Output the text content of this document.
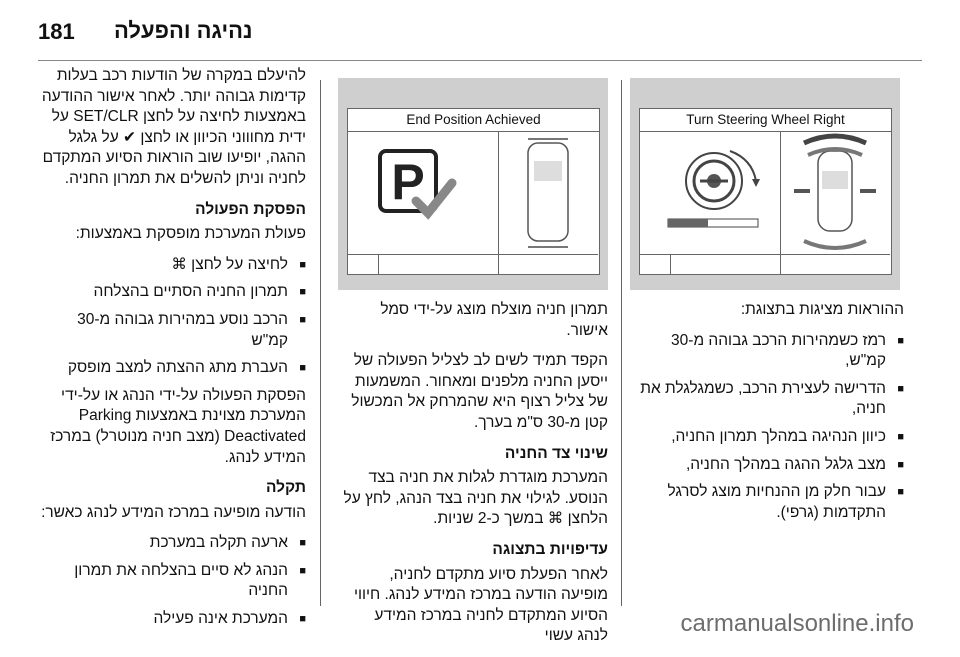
181 נהיגה והפעלה
Turn Steering Wheel Right
End Position Achieved
P

ההוראות מציגות בתצוגת:

■ רמז כשמהירות הרכב גבוהה מ-30 קמ"ש,
■ הדרישה לעצירת הרכב, כשמגלגלת את חניה,
■ כיוון הנהיגה במהלך תמרון החניה,
■ מצב גלגל ההגה במהלך החניה,
■ עבור חלק מן ההנחיות מוצג לסרגל התקדמות (גרפי).

תמרון חניה מוצלח מוצג על-ידי סמל אישור.

הקפד תמיד לשים לב לצליל הפעולה של ייסען החניה מלפנים ומאחור. המשמעות של צליל רצוף היא שהמרחק אל המכשול קטן מ-30 ס"מ בערך.

שינוי צד החניה

המערכת מוגדרת לגלות את חניה בצד הנוסע. לגילוי את חניה בצד הנהג, לחץ על הלחצן ⌘ במשך כ-2 שניות.

עדיפויות בתצוגה

לאחר הפעלת סיוע מתקדם לחניה, מופיעה הודעה במרכז המידע לנהג. חיווי הסיוע המתקדם לחניה במרכז המידע לנהג עשוי

להיעלם במקרה של הודעות רכב בעלות קדימות גבוהה יותר. לאחר אישור ההודעה באמצעות לחיצה על לחצן SET/CLR על ידית מחוווני הכיוון או לחצן ✔ על גלגל ההגה, יופיעו שוב הוראות הסיוע המתקדם לחניה וניתן להשלים את תמרון החניה.

הפסקת הפעולה

פעולת המערכת מופסקת באמצעות:

■ לחיצה על לחצן ⌘
■ תמרון החניה הסתיים בהצלחה
■ הרכב נוסע במהירות גבוהה מ-30 קמ"ש
■ העברת מתג ההצתה למצב מופסק

הפסקת הפעולה על-ידי הנהג או על-ידי המערכת מצוינת באמצעות Parking Deactivated (מצב חניה מנוטרל) במרכז המידע לנהג.

תקלה

הודעה מופיעה במרכז המידע לנהג כאשר:

■ ארעה תקלה במערכת
■ הנהג לא סיים בהצלחה את תמרון החניה
■ המערכת אינה פעילה	carmanualsonline.info
